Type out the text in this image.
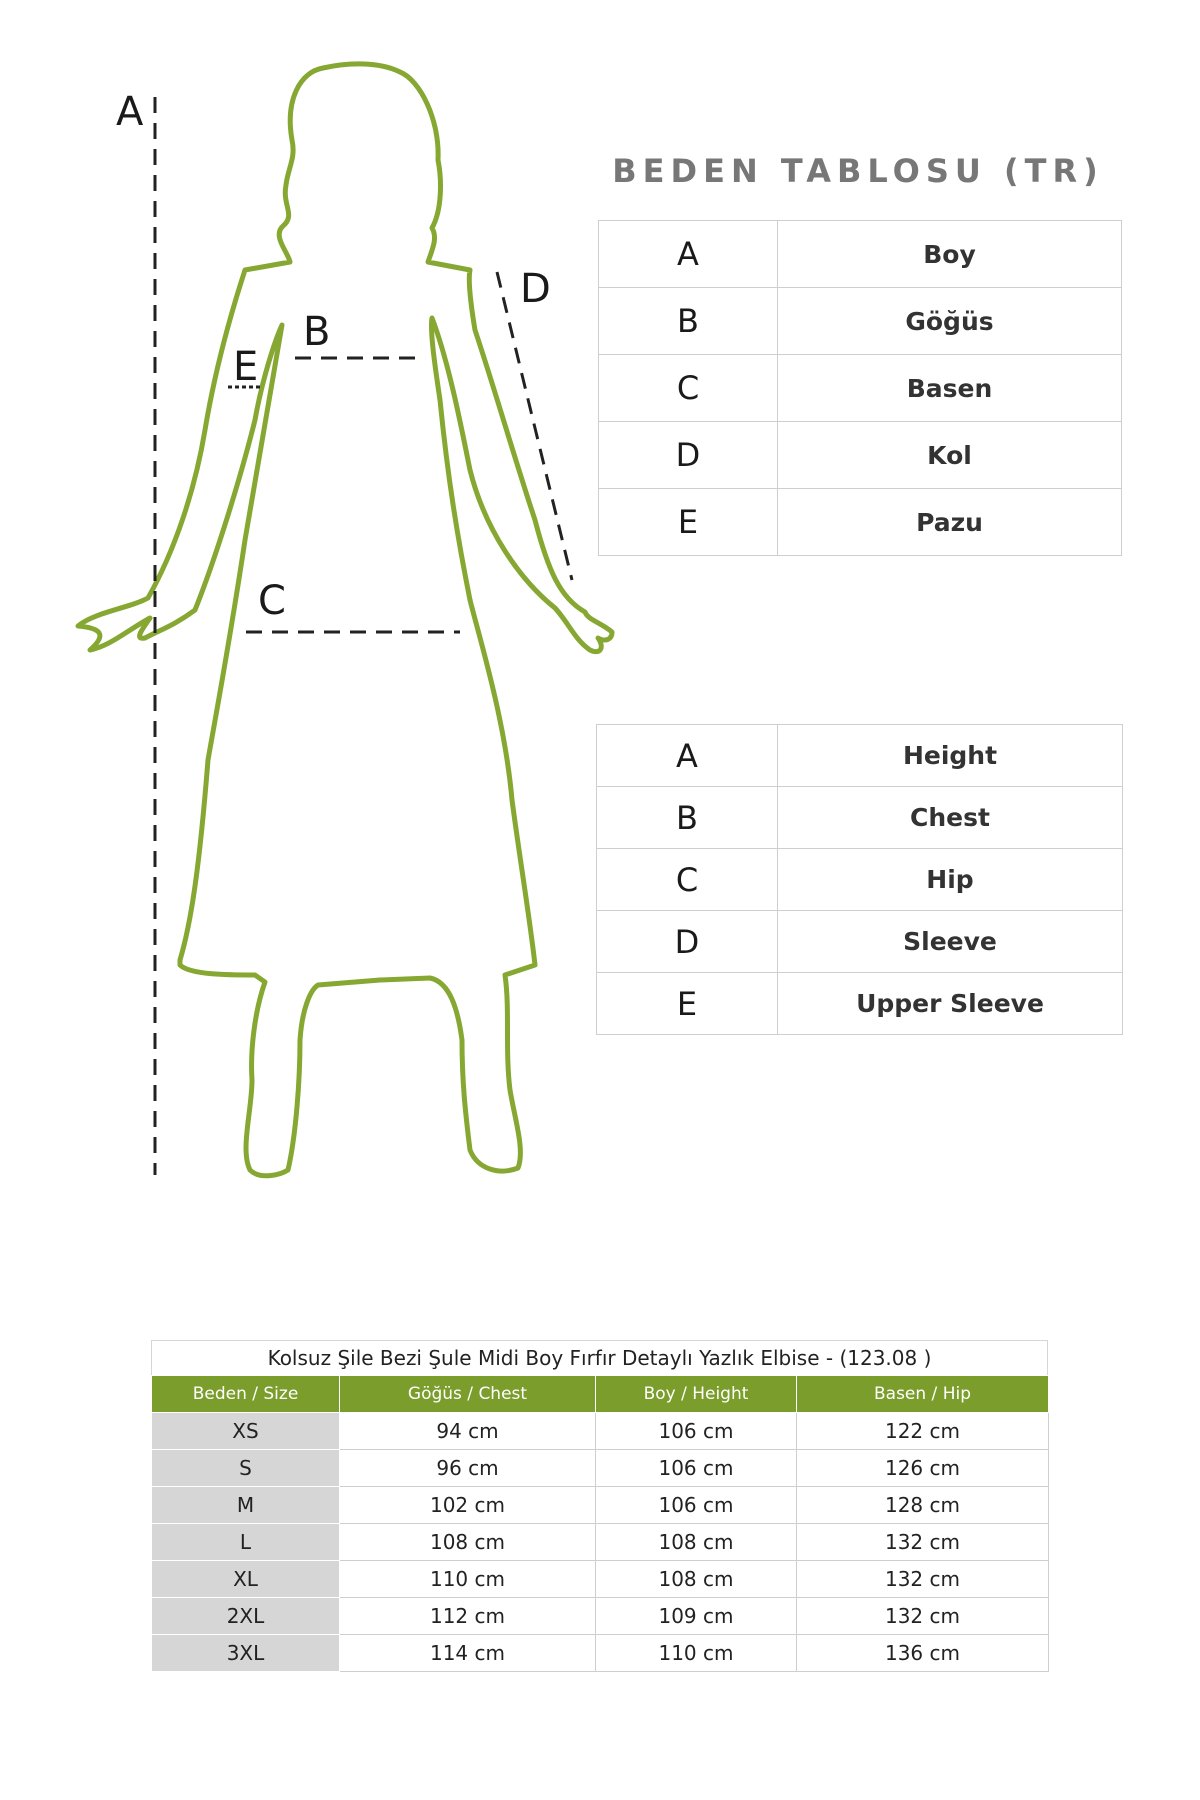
A
B
C
D
E
BEDEN TABLOSU (TR)
A	Boy
B	Göğüs
C	Basen
D	Kol
E	Pazu
A	Height
B	Chest
C	Hip
D	Sleeve
E	Upper Sleeve
Kolsuz Şile Bezi Şule Midi Boy Fırfır Detaylı Yazlık Elbise - (123.08 )
Beden / Size	Göğüs / Chest	Boy / Height	Basen / Hip
XS	94 cm	106 cm	122 cm
S	96 cm	106 cm	126 cm
M	102 cm	106 cm	128 cm
L	108 cm	108 cm	132 cm
XL	110 cm	108 cm	132 cm
2XL	112 cm	109 cm	132 cm
3XL	114 cm	110 cm	136 cm
